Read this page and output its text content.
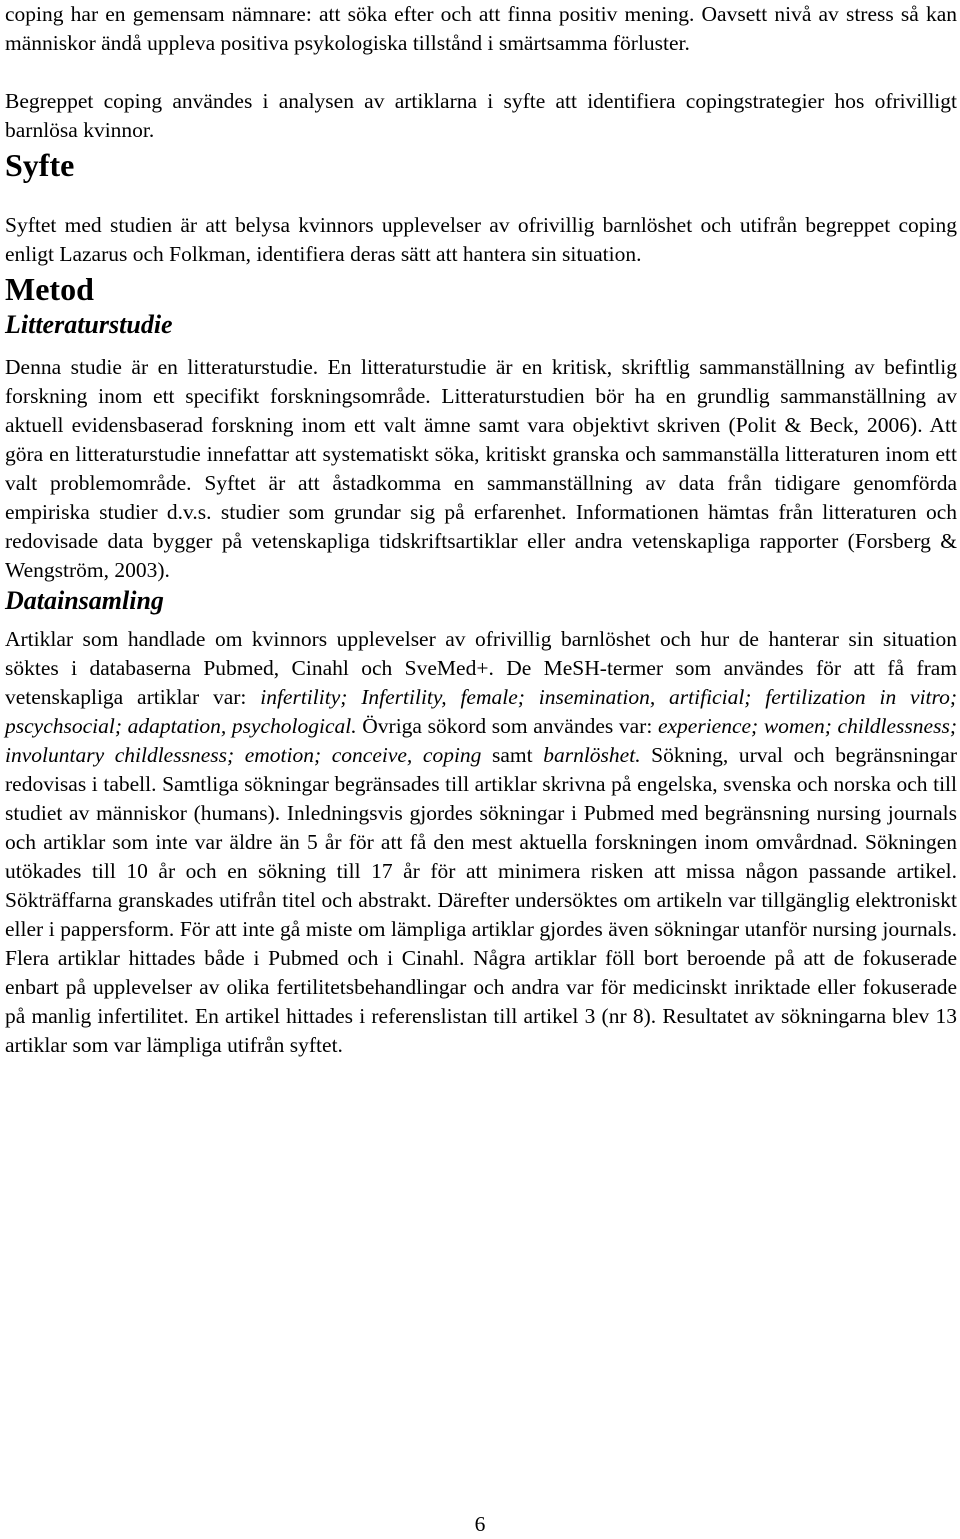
coping har en gemensam nämnare: att söka efter och att finna positiv mening. Oavsett nivå av stress så kan människor ändå uppleva positiva psykologiska tillstånd i smärtsamma förluster.

Begreppet coping användes i analysen av artiklarna i syfte att identifiera copingstrategier hos ofrivilligt barnlösa kvinnor.

Syfte

Syftet med studien är att belysa kvinnors upplevelser av ofrivillig barnlöshet och utifrån begreppet coping enligt Lazarus och Folkman, identifiera deras sätt att hantera sin situation.

Metod
Litteraturstudie

Denna studie är en litteraturstudie. En litteraturstudie är en kritisk, skriftlig sammanställning av befintlig forskning inom ett specifikt forskningsområde. Litteraturstudien bör ha en grundlig sammanställning av aktuell evidensbaserad forskning inom ett valt ämne samt vara objektivt skriven (Polit & Beck, 2006). Att göra en litteraturstudie innefattar att systematiskt söka, kritiskt granska och sammanställa litteraturen inom ett valt problemområde. Syftet är att åstadkomma en sammanställning av data från tidigare genomförda empiriska studier d.v.s. studier som grundar sig på erfarenhet. Informationen hämtas från litteraturen och redovisade data bygger på vetenskapliga tidskriftsartiklar eller andra vetenskapliga rapporter (Forsberg & Wengström, 2003).

Datainsamling

Artiklar som handlade om kvinnors upplevelser av ofrivillig barnlöshet och hur de hanterar sin situation söktes i databaserna Pubmed, Cinahl och SveMed+. De MeSH-termer som användes för att få fram vetenskapliga artiklar var: infertility; Infertility, female; insemination, artificial; fertilization in vitro; pscychsocial; adaptation, psychological. Övriga sökord som användes var: experience; women; childlessness; involuntary childlessness; emotion; conceive, coping samt barnlöshet. Sökning, urval och begränsningar redovisas i tabell. Samtliga sökningar begränsades till artiklar skrivna på engelska, svenska och norska och till studiet av människor (humans). Inledningsvis gjordes sökningar i Pubmed med begränsning nursing journals och artiklar som inte var äldre än 5 år för att få den mest aktuella forskningen inom omvårdnad. Sökningen utökades till 10 år och en sökning till 17 år för att minimera risken att missa någon passande artikel. Sökträffarna granskades utifrån titel och abstrakt. Därefter undersöktes om artikeln var tillgänglig elektroniskt eller i pappersform. För att inte gå miste om lämpliga artiklar gjordes även sökningar utanför nursing journals. Flera artiklar hittades både i Pubmed och i Cinahl. Några artiklar föll bort beroende på att de fokuserade enbart på upplevelser av olika fertilitetsbehandlingar och andra var för medicinskt inriktade eller fokuserade på manlig infertilitet. En artikel hittades i referenslistan till artikel 3 (nr 8). Resultatet av sökningarna blev 13 artiklar som var lämpliga utifrån syftet.

6
